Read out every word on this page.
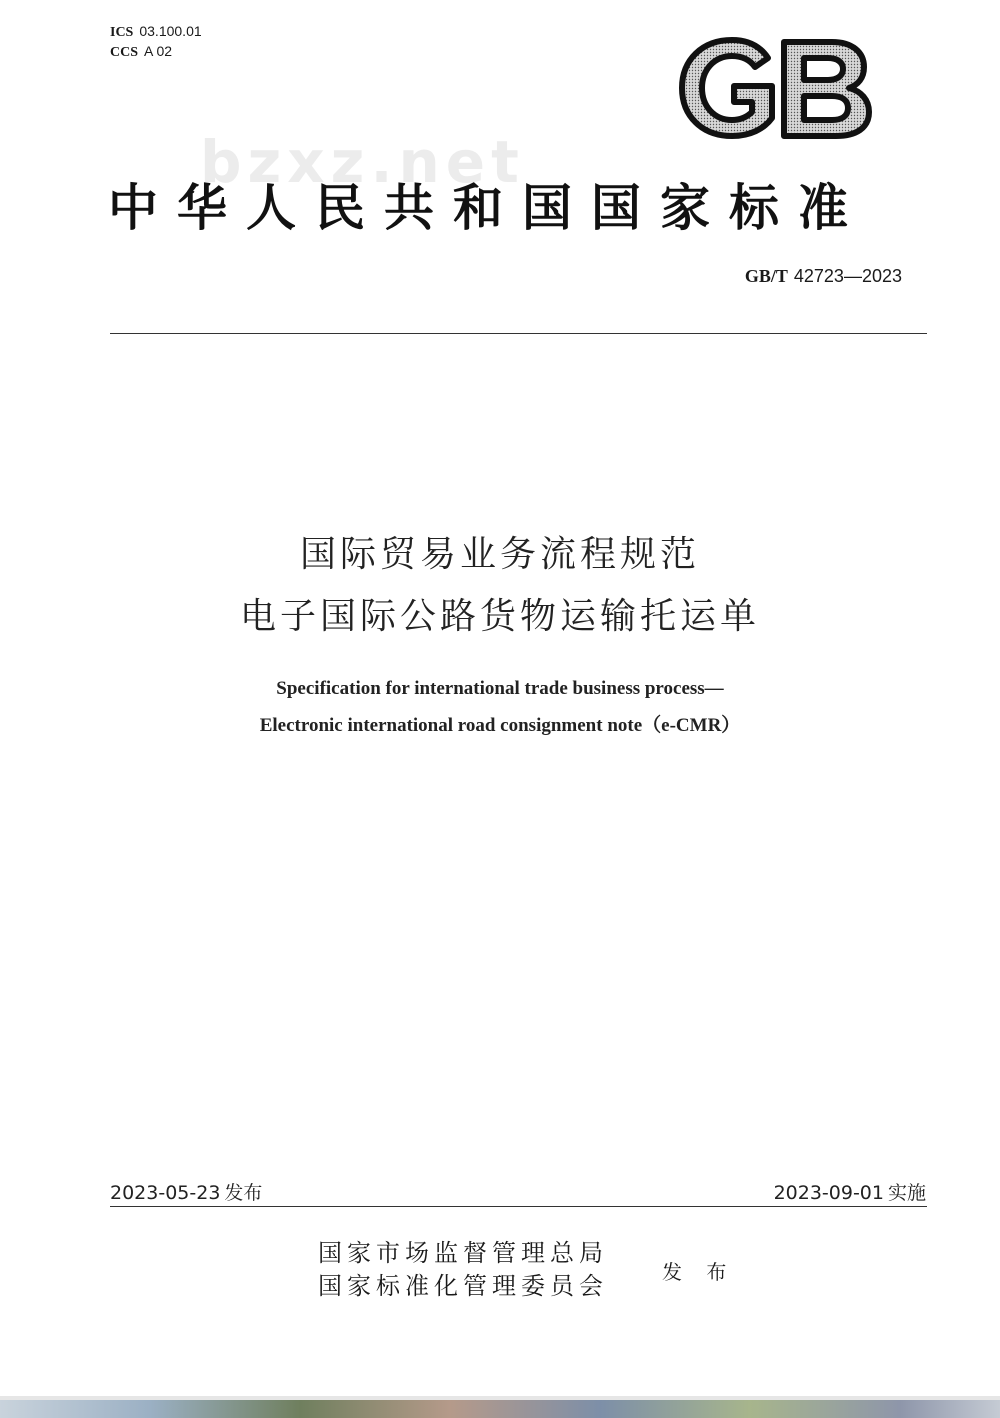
ICS 03.100.01
CCS A 02
bzxz.net
中华人民共和国国家标准
GB/T 42723—2023
国际贸易业务流程规范
电子国际公路货物运输托运单
Specification for international trade business process—
Electronic international road consignment note（e-CMR）
2023-05-23 发布	2023-09-01 实施
国家市场监督管理总局
国家标准化管理委员会	发 布
